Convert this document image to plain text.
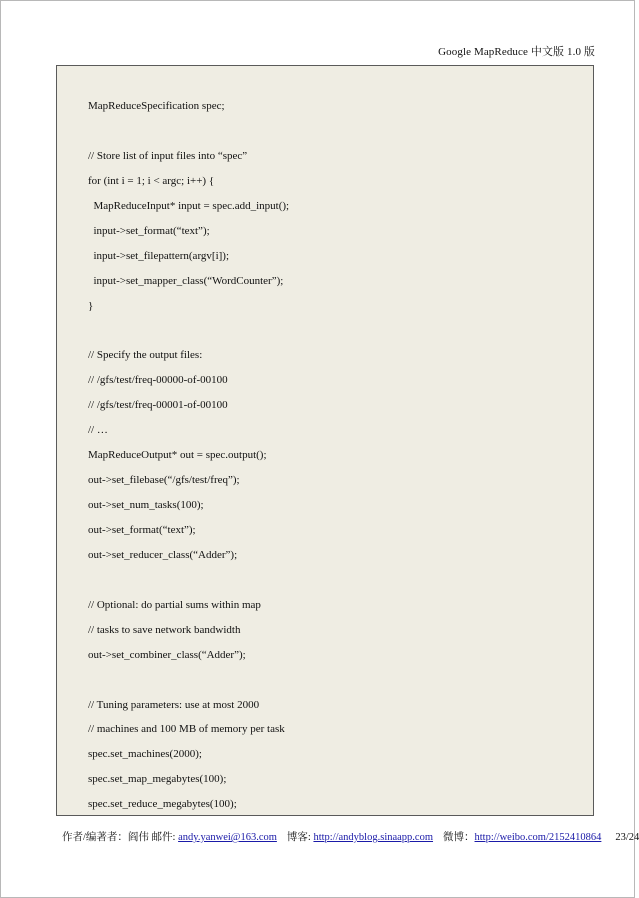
Google MapReduce 中文版 1.0 版
MapReduceSpecification spec;
// Store list of input files into “spec”
for (int i = 1; i < argc; i++) {
MapReduceInput* input = spec.add_input();
input->set_format(“text”);
input->set_filepattern(argv[i]);
input->set_mapper_class(“WordCounter”);
}
// Specify the output files:
// /gfs/test/freq-00000-of-00100
// /gfs/test/freq-00001-of-00100
// …
MapReduceOutput* out = spec.output();
out->set_filebase(“/gfs/test/freq”);
out->set_num_tasks(100);
out->set_format(“text”);
out->set_reducer_class(“Adder”);
// Optional: do partial sums within map
// tasks to save network bandwidth
out->set_combiner_class(“Adder”);
// Tuning parameters: use at most 2000
// machines and 100 MB of memory per task
spec.set_machines(2000);
spec.set_map_megabytes(100);
spec.set_reduce_megabytes(100);
作者/编著者：阎伟 邮件: andy.yanwei@163.com 博客: http://andyblog.sinaapp.com 微博：http://weibo.com/2152410864 23/24
